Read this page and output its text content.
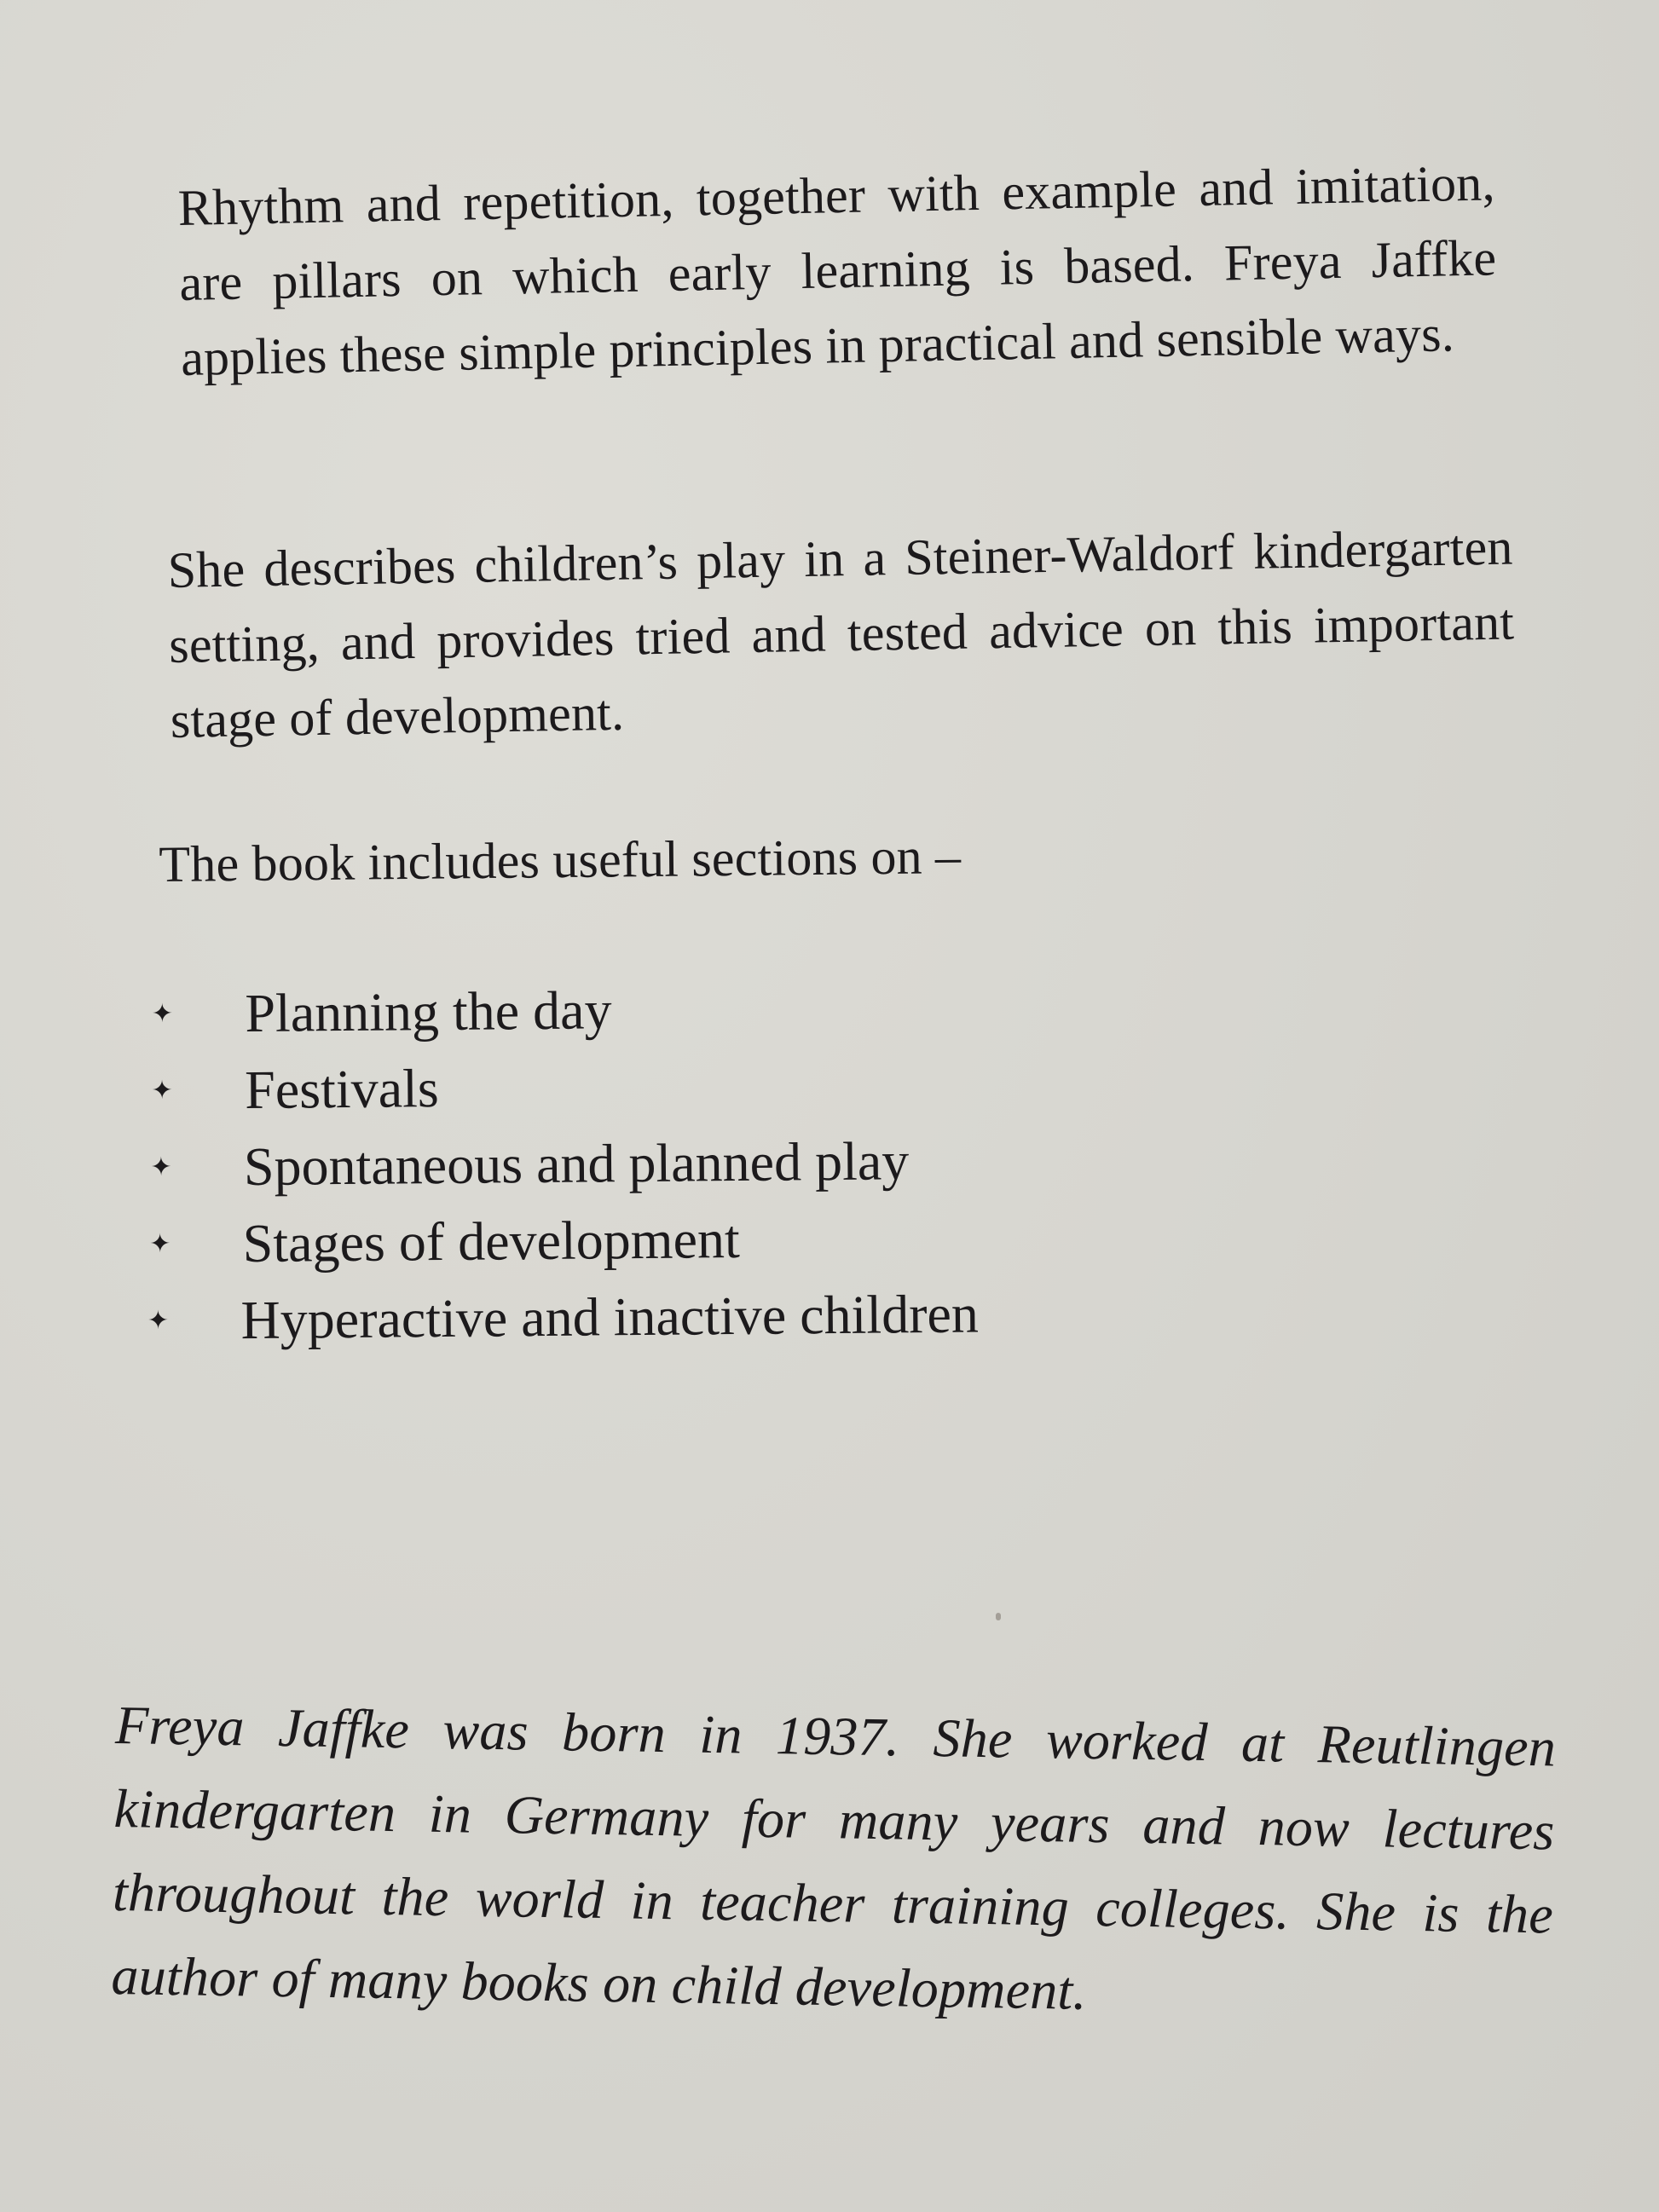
Rhythm and repetition, together with example and imitation, are pillars on which early learning is based. Freya Jaffke applies these simple principles in practical and sensible ways.

She describes children’s play in a Steiner-Waldorf kindergarten setting, and provides tried and tested advice on this important stage of development.

The book includes useful sections on –

✦ Planning the day
✦ Festivals
✦ Spontaneous and planned play
✦ Stages of development
✦ Hyperactive and inactive children

Freya Jaffke was born in 1937. She worked at Reutlingen kindergarten in Germany for many years and now lectures throughout the world in teacher training colleges. She is the author of many books on child development.
